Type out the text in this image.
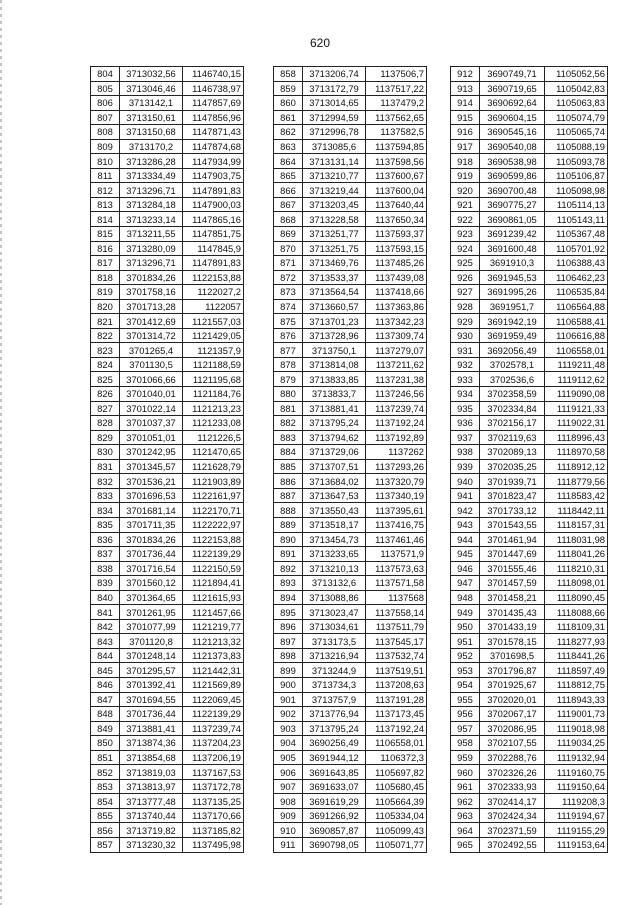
620
804	3713032,56	1146740,15
805	3713046,46	1146738,97
806	3713142,1	1147857,69
807	3713150,61	1147856,96
808	3713150,68	1147871,43
809	3713170,2	1147874,68
810	3713286,28	1147934,99
811	3713334,49	1147903,75
812	3713296,71	1147891,83
813	3713284,18	1147900,03
814	3713233,14	1147865,16
815	3713211,55	1147851,75
816	3713280,09	1147845,9
817	3713296,71	1147891,83
818	3701834,26	1122153,88
819	3701758,16	1122027,2
820	3701713,28	1122057
821	3701412,69	1121557,03
822	3701314,72	1121429,05
823	3701265,4	1121357,9
824	3701130,5	1121188,59
825	3701066,66	1121195,68
826	3701040,01	1121184,76
827	3701022,14	1121213,23
828	3701037,37	1121233,08
829	3701051,01	1121226,5
830	3701242,95	1121470,65
831	3701345,57	1121628,79
832	3701536,21	1121903,89
833	3701696,53	1122161,97
834	3701681,14	1122170,71
835	3701711,35	1122222,97
836	3701834,26	1122153,88
837	3701736,44	1122139,29
838	3701716,54	1122150,59
839	3701560,12	1121894,41
840	3701364,65	1121615,93
841	3701261,95	1121457,66
842	3701077,99	1121219,77
843	3701120,8	1121213,32
844	3701248,14	1121373,83
845	3701295,57	1121442,31
846	3701392,41	1121569,89
847	3701694,55	1122069,45
848	3701736,44	1122139,29
849	3713881,41	1137239,74
850	3713874,36	1137204,23
851	3713854,68	1137206,19
852	3713819,03	1137167,53
853	3713813,97	1137172,78
854	3713777,48	1137135,25
855	3713740,44	1137170,66
856	3713719,82	1137185,82
857	3713230,32	1137495,98
858	3713206,74	1137506,7
859	3713172,79	1137517,22
860	3713014,65	1137479,2
861	3712994,59	1137562,65
862	3712996,78	1137582,5
863	3713085,6	1137594,85
864	3713131,14	1137598,56
865	3713210,77	1137600,67
866	3713219,44	1137600,04
867	3713203,45	1137640,44
868	3713228,58	1137650,34
869	3713251,77	1137593,37
870	3713251,75	1137593,15
871	3713469,76	1137485,26
872	3713533,37	1137439,08
873	3713564,54	1137418,66
874	3713660,57	1137363,86
875	3713701,23	1137342,23
876	3713728,96	1137309,74
877	3713750,1	1137279,07
878	3713814,08	1137211,62
879	3713833,85	1137231,38
880	3713833,7	1137246,56
881	3713881,41	1137239,74
882	3713795,24	1137192,24
883	3713794,62	1137192,89
884	3713729,06	1137262
885	3713707,51	1137293,26
886	3713684,02	1137320,79
887	3713647,53	1137340,19
888	3713550,43	1137395,61
889	3713518,17	1137416,75
890	3713454,73	1137461,46
891	3713233,65	1137571,9
892	3713210,13	1137573,63
893	3713132,6	1137571,58
894	3713088,86	1137568
895	3713023,47	1137558,14
896	3713034,61	1137511,79
897	3713173,5	1137545,17
898	3713216,94	1137532,74
899	3713244,9	1137519,51
900	3713734,3	1137208,63
901	3713757,9	1137191,28
902	3713776,94	1137173,45
903	3713795,24	1137192,24
904	3690256,49	1106558,01
905	3691944,12	1106372,3
906	3691643,85	1105697,82
907	3691633,07	1105680,45
908	3691619,29	1105664,39
909	3691266,92	1105334,04
910	3690857,87	1105099,43
911	3690798,05	1105071,77
912	3690749,71	1105052,56
913	3690719,65	1105042,83
914	3690692,64	1105063,83
915	3690604,15	1105074,79
916	3690545,16	1105065,74
917	3690540,08	1105088,19
918	3690538,98	1105093,78
919	3690599,86	1105106,87
920	3690700,48	1105098,98
921	3690775,27	1105114,13
922	3690861,05	1105143,11
923	3691239,42	1105367,48
924	3691600,48	1105701,92
925	3691910,3	1106388,43
926	3691945,53	1106462,23
927	3691995,26	1106535,84
928	3691951,7	1106564,88
929	3691942,19	1106588,41
930	3691959,49	1106616,88
931	3692056,49	1106558,01
932	3702578,1	1119211,48
933	3702536,6	1119112,62
934	3702358,59	1119090,08
935	3702334,84	1119121,33
936	3702156,17	1119022,31
937	3702119,63	1118996,43
938	3702089,13	1118970,58
939	3702035,25	1118912,12
940	3701939,71	1118779,56
941	3701823,47	1118583,42
942	3701733,12	1118442,11
943	3701543,55	1118157,31
944	3701461,94	1118031,98
945	3701447,69	1118041,26
946	3701555,46	1118210,31
947	3701457,59	1118098,01
948	3701458,21	1118090,45
949	3701435,43	1118088,66
950	3701433,19	1118109,31
951	3701578,15	1118277,93
952	3701698,5	1118441,26
953	3701796,87	1118597,49
954	3701925,67	1118812,75
955	3702020,01	1118943,33
956	3702067,17	1119001,73
957	3702086,95	1119018,98
958	3702107,55	1119034,25
959	3702288,76	1119132,94
960	3702326,26	1119160,75
961	3702333,93	1119150,64
962	3702414,17	1119208,3
963	3702424,34	1119194,67
964	3702371,59	1119155,29
965	3702492,55	1119153,64
